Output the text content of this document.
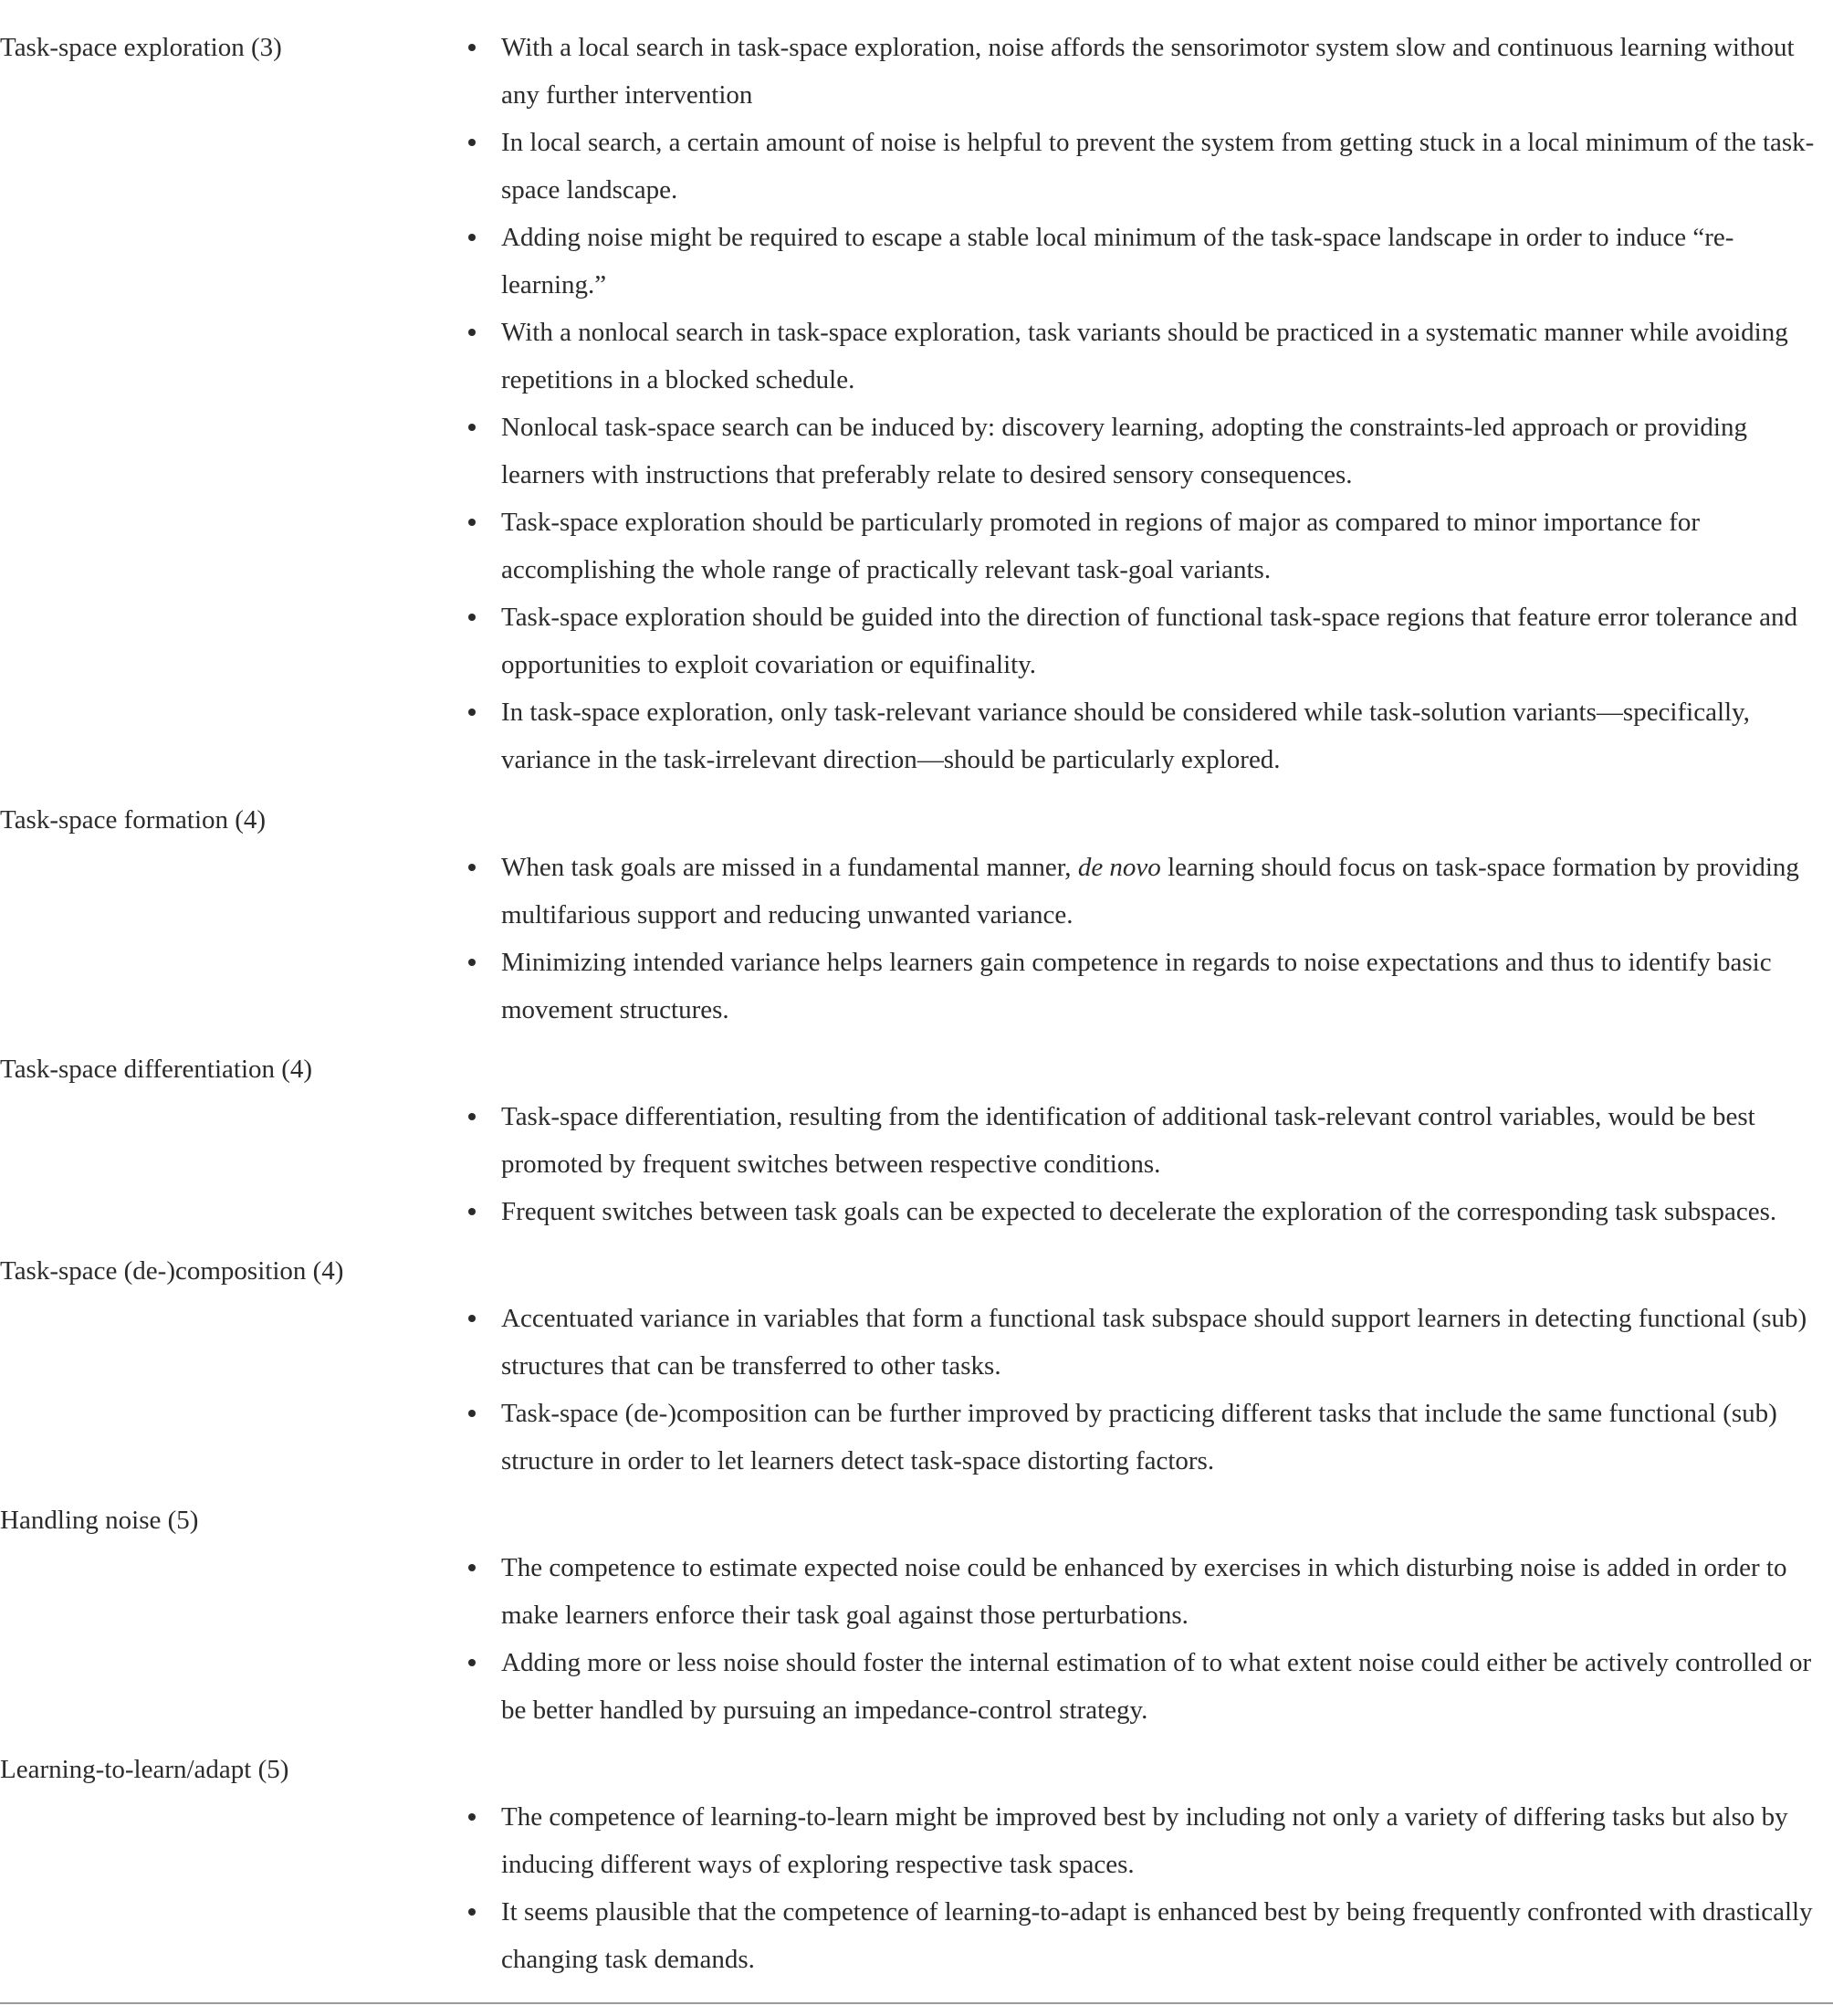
Task-space exploration (3)	With a local search in task-space exploration, noise affords the sensorimotor system slow and continuous learning without any further intervention
In local search, a certain amount of noise is helpful to prevent the system from getting stuck in a local minimum of the task-space landscape.
Adding noise might be required to escape a stable local minimum of the task-space landscape in order to induce “re-learning.”
With a nonlocal search in task-space exploration, task variants should be practiced in a systematic manner while avoiding repetitions in a blocked schedule.
Nonlocal task-space search can be induced by: discovery learning, adopting the constraints-led approach or providing learners with instructions that preferably relate to desired sensory consequences.
Task-space exploration should be particularly promoted in regions of major as compared to minor importance for accomplishing the whole range of practically relevant task-goal variants.
Task-space exploration should be guided into the direction of functional task-space regions that feature error tolerance and opportunities to exploit covariation or equifinality.
In task-space exploration, only task-relevant variance should be considered while task-solution variants—specifically, variance in the task-irrelevant direction—should be particularly explored.
Task-space formation (4)
When task goals are missed in a fundamental manner, de novo learning should focus on task-space formation by providing multifarious support and reducing unwanted variance.
Minimizing intended variance helps learners gain competence in regards to noise expectations and thus to identify basic movement structures.
Task-space differentiation (4)
Task-space differentiation, resulting from the identification of additional task-relevant control variables, would be best promoted by frequent switches between respective conditions.
Frequent switches between task goals can be expected to decelerate the exploration of the corresponding task subspaces.
Task-space (de-)composition (4)
Accentuated variance in variables that form a functional task subspace should support learners in detecting functional (sub) structures that can be transferred to other tasks.
Task-space (de-)composition can be further improved by practicing different tasks that include the same functional (sub) structure in order to let learners detect task-space distorting factors.
Handling noise (5)
The competence to estimate expected noise could be enhanced by exercises in which disturbing noise is added in order to make learners enforce their task goal against those perturbations.
Adding more or less noise should foster the internal estimation of to what extent noise could either be actively controlled or be better handled by pursuing an impedance-control strategy.
Learning-to-learn/adapt (5)
The competence of learning-to-learn might be improved best by including not only a variety of differing tasks but also by inducing different ways of exploring respective task spaces.
It seems plausible that the competence of learning-to-adapt is enhanced best by being frequently confronted with drastically changing task demands.
